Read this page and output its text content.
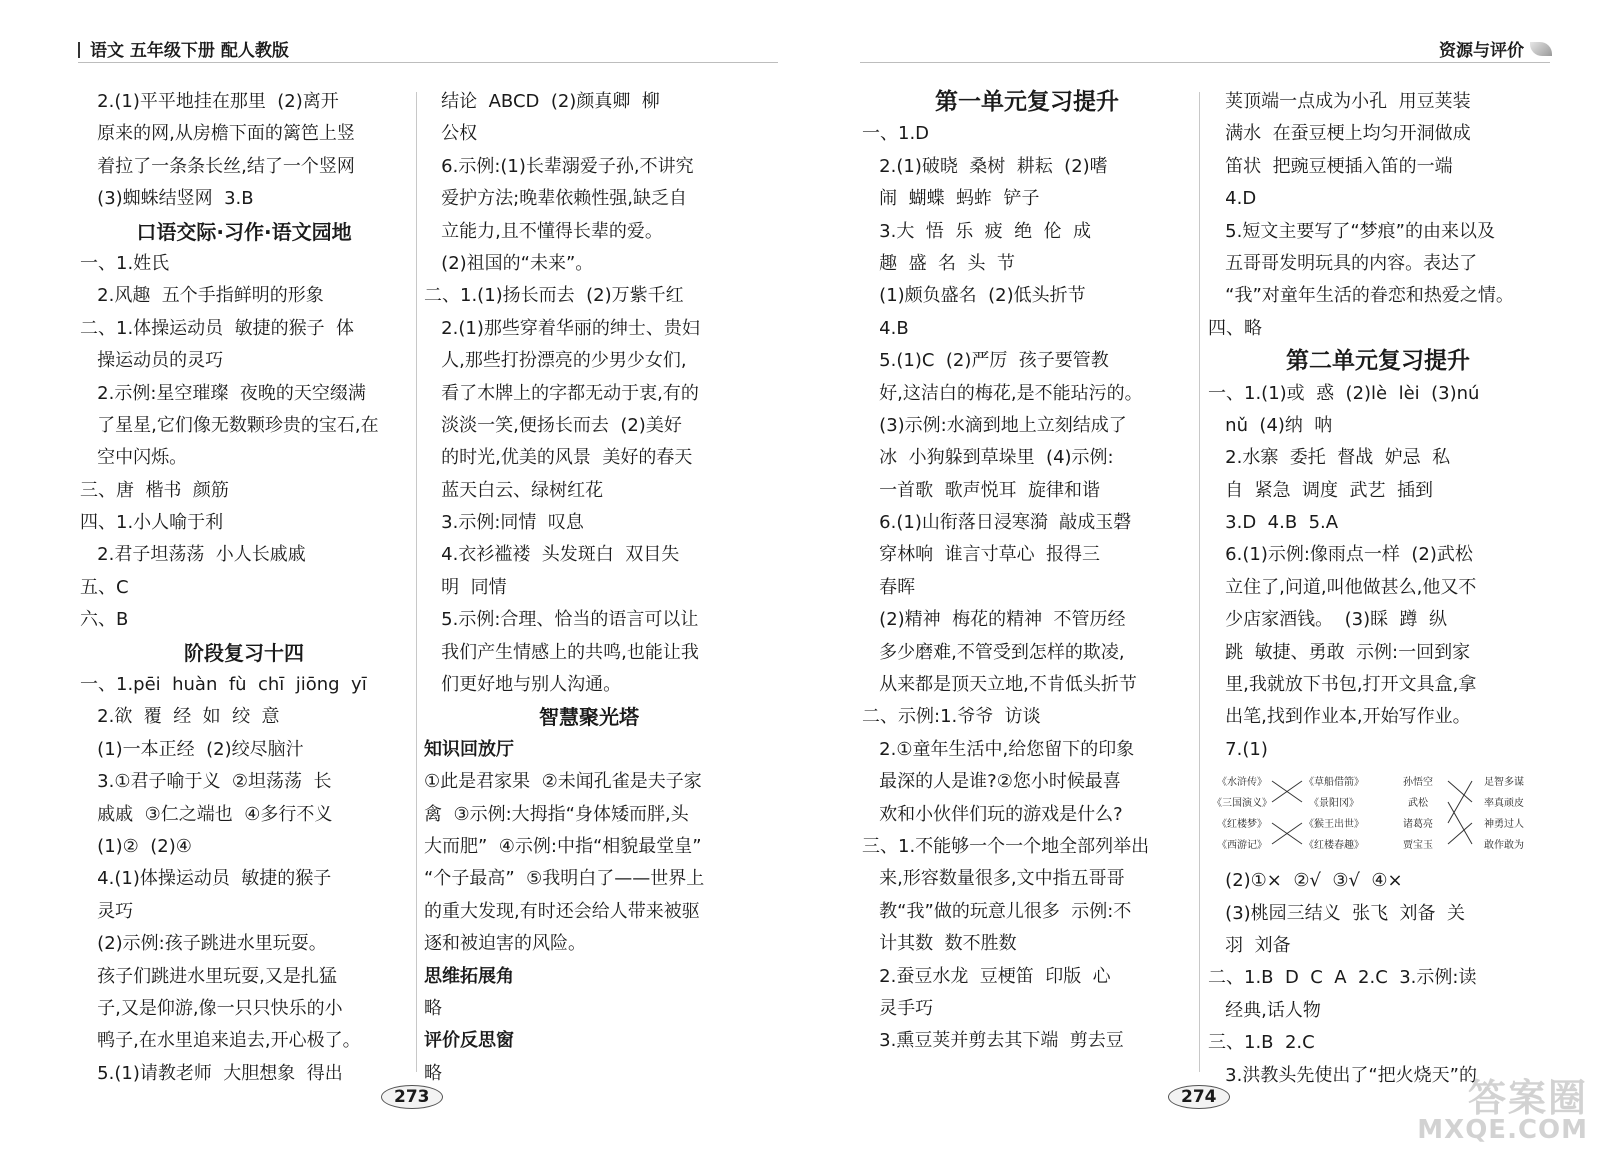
语文 五年级下册 配人教版
2.(1)平平地挂在那里  (2)离开
原来的网,从房檐下面的篱笆上竖
着拉了一条条长丝,结了一个竖网
(3)蜘蛛结竖网  3.B
口语交际·习作·语文园地
一、1.姓氏
2.风趣  五个手指鲜明的形象
二、1.体操运动员  敏捷的猴子  体
操运动员的灵巧
2.示例:星空璀璨  夜晚的天空缀满
了星星,它们像无数颗珍贵的宝石,在
空中闪烁。
三、唐  楷书  颜筋
四、1.小人喻于利
2.君子坦荡荡  小人长戚戚
五、C
六、B
阶段复习十四
一、1.pēi  huàn  fù  chī  jiōng  yī
2.欲  覆  经  如  绞  意
(1)一本正经  (2)绞尽脑汁
3.①君子喻于义  ②坦荡荡  长
戚戚  ③仁之端也  ④多行不义
(1)②  (2)④
4.(1)体操运动员  敏捷的猴子
灵巧
(2)示例:孩子跳进水里玩耍。
孩子们跳进水里玩耍,又是扎猛
子,又是仰游,像一只只快乐的小
鸭子,在水里追来追去,开心极了。
5.(1)请教老师  大胆想象  得出
结论  ABCD  (2)颜真卿  柳
公权
6.示例:(1)长辈溺爱子孙,不讲究
爱护方法;晚辈依赖性强,缺乏自
立能力,且不懂得长辈的爱。
(2)祖国的“未来”。
二、1.(1)扬长而去  (2)万紫千红
2.(1)那些穿着华丽的绅士、贵妇
人,那些打扮漂亮的少男少女们,
看了木牌上的字都无动于衷,有的
淡淡一笑,便扬长而去  (2)美好
的时光,优美的风景  美好的春天
蓝天白云、绿树红花
3.示例:同情  叹息
4.衣衫褴褛  头发斑白  双目失
明  同情
5.示例:合理、恰当的语言可以让
我们产生情感上的共鸣,也能让我
们更好地与别人沟通。
智慧聚光塔
知识回放厅
①此是君家果  ②未闻孔雀是夫子家
禽  ③示例:大拇指“身体矮而胖,头
大而肥”  ④示例:中指“相貌最堂皇”
“个子最高”  ⑤我明白了——世界上
的重大发现,有时还会给人带来被驱
逐和被迫害的风险。
思维拓展角
略
评价反思窗
略
273
资源与评价
第一单元复习提升
一、1.D
2.(1)破晓  桑树  耕耘  (2)嗜
闹  蝴蝶  蚂蚱  铲子
3.大  悟  乐  疲  绝  伦  成
趣  盛  名  头  节
(1)颇负盛名  (2)低头折节
4.B
5.(1)C  (2)严厉  孩子要管教
好,这洁白的梅花,是不能玷污的。
(3)示例:水滴到地上立刻结成了
冰  小狗躲到草垛里  (4)示例:
一首歌  歌声悦耳  旋律和谐
6.(1)山衔落日浸寒漪  敲成玉磬
穿林响  谁言寸草心  报得三
春晖
(2)精神  梅花的精神  不管历经
多少磨难,不管受到怎样的欺凌,
从来都是顶天立地,不肯低头折节
二、示例:1.爷爷  访谈
2.①童年生活中,给您留下的印象
最深的人是谁?②您小时候最喜
欢和小伙伴们玩的游戏是什么?
三、1.不能够一个一个地全部列举出
来,形容数量很多,文中指五哥哥
教“我”做的玩意儿很多  示例:不
计其数  数不胜数
2.蚕豆水龙  豆梗笛  印版  心
灵手巧
3.熏豆荚并剪去其下端  剪去豆
荚顶端一点成为小孔  用豆荚装
满水  在蚕豆梗上均匀开洞做成
笛状  把豌豆梗插入笛的一端
4.D
5.短文主要写了“梦痕”的由来以及
五哥哥发明玩具的内容。表达了
“我”对童年生活的眷恋和热爱之情。
四、略
第二单元复习提升
一、1.(1)或  惑  (2)lè  lèi  (3)nú
nǔ  (4)纳  呐
2.水寨  委托  督战  妒忌  私
自  紧急  调度  武艺  插到
3.D  4.B  5.A
6.(1)示例:像雨点一样  (2)武松
立住了,问道,叫他做甚么,他又不
少店家酒钱。  (3)睬  蹲  纵
跳  敏捷、勇敢  示例:一回到家
里,我就放下书包,打开文具盒,拿
出笔,找到作业本,开始写作业。
7.(1)
《水浒传》
《三国演义》
《红楼梦》
《西游记》
《草船借箭》
《景阳冈》
《猴王出世》
《红楼春趣》
孙悟空
武松
诸葛亮
贾宝玉
足智多谋
率真顽皮
神勇过人
敢作敢为
(2)①×  ②√  ③√  ④×
(3)桃园三结义  张飞  刘备  关
羽  刘备
二、1.B  D  C  A  2.C  3.示例:读
经典,话人物
三、1.B  2.C
3.洪教头先使出了“把火烧天”的
274	答案圈
MXQE.COM
